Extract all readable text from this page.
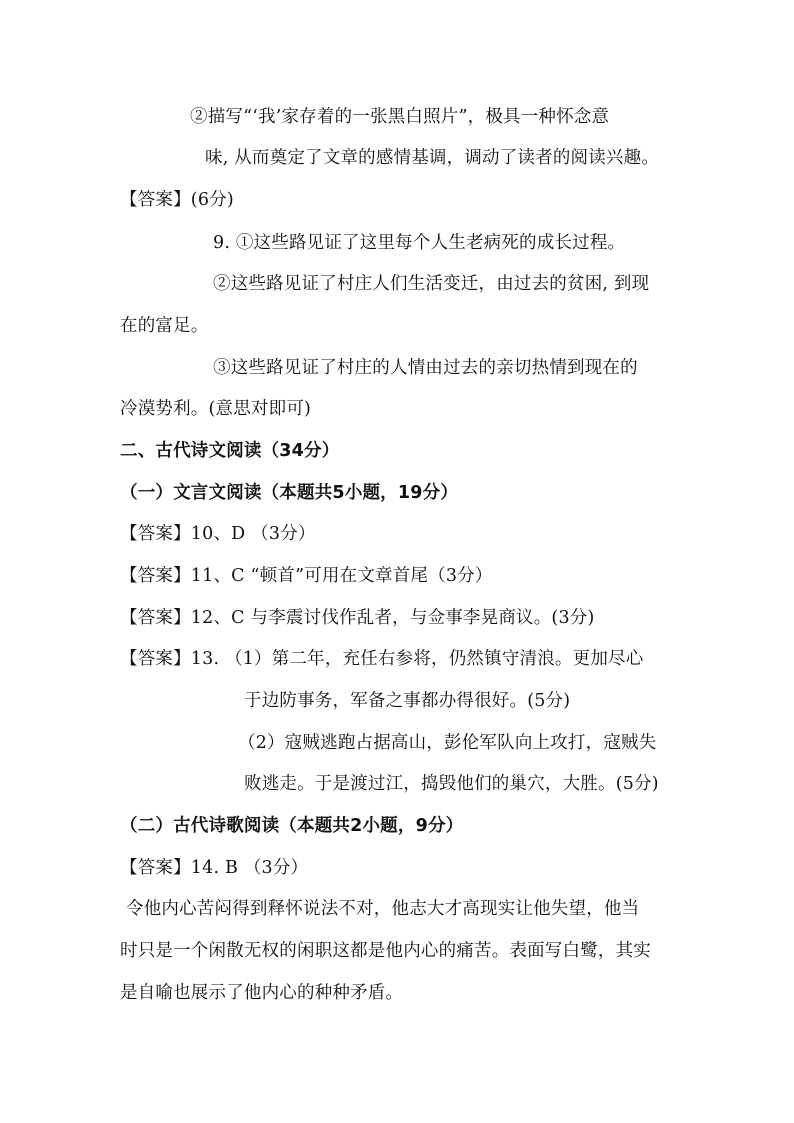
②描写“‘我’家存着的一张黑白照片”，极具一种怀念意
味, 从而奠定了文章的感情基调，调动了读者的阅读兴趣。
【答案】(6分)
9. ①这些路见证了这里每个人生老病死的成长过程。
②这些路见证了村庄人们生活变迁，由过去的贫困, 到现
在的富足。
③这些路见证了村庄的人情由过去的亲切热情到现在的
冷漠势利。(意思对即可)
二、古代诗文阅读（34分）
（一）文言文阅读（本题共5小题，19分）
【答案】10、D （3分）
【答案】11、C “顿首”可用在文章首尾（3分）
【答案】12、C 与李震讨伐作乱者，与佥事李晃商议。(3分)
【答案】13. （1）第二年，充任右参将，仍然镇守清浪。更加尽心
于边防事务，军备之事都办得很好。(5分)
（2）寇贼逃跑占据高山，彭伦军队向上攻打，寇贼失
败逃走。于是渡过江，捣毁他们的巢穴，大胜。(5分)
（二）古代诗歌阅读（本题共2小题，9分）
【答案】14. B （3分）
令他内心苦闷得到释怀说法不对，他志大才高现实让他失望，他当
时只是一个闲散无权的闲职这都是他内心的痛苦。表面写白鹭，其实
是自喻也展示了他内心的种种矛盾。
